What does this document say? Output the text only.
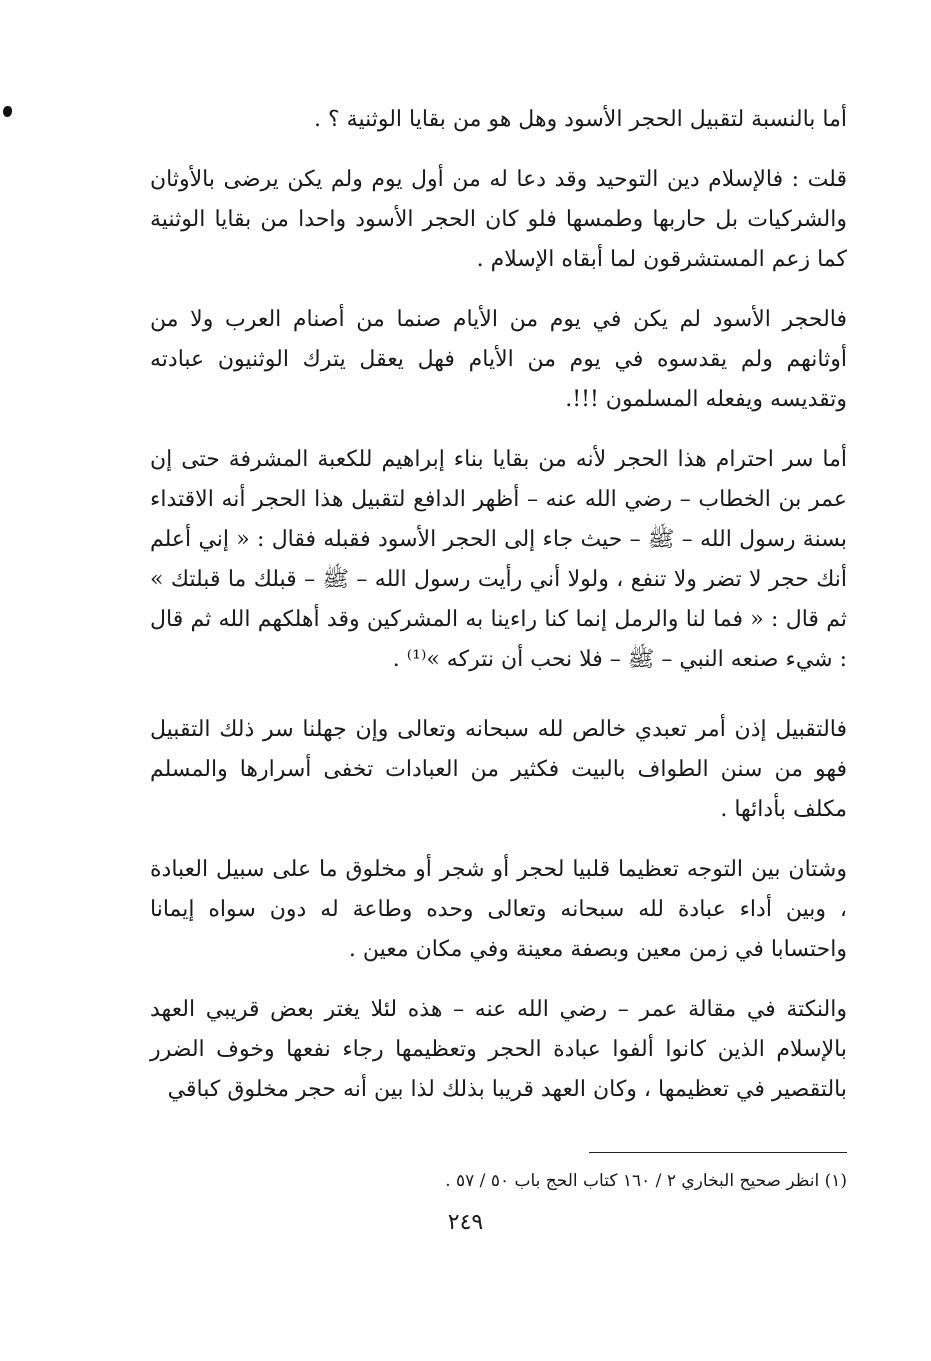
أما بالنسبة لتقبيل الحجر الأسود وهل هو من بقايا الوثنية ؟ .

قلت : فالإسلام دين التوحيد وقد دعا له من أول يوم ولم يكن يرضى بالأوثان والشركيات بل حاربها وطمسها فلو كان الحجر الأسود واحدا من بقايا الوثنية كما زعم المستشرقون لما أبقاه الإسلام .

فالحجر الأسود لم يكن في يوم من الأيام صنما من أصنام العرب ولا من أوثانهم ولم يقدسوه في يوم من الأيام فهل يعقل يترك الوثنيون عبادته وتقديسه ويفعله المسلمون !!!.

أما سر احترام هذا الحجر لأنه من بقايا بناء إبراهيم للكعبة المشرفة حتى إن عمر بن الخطاب – رضي الله عنه – أظهر الدافع لتقبيل هذا الحجر أنه الاقتداء بسنة رسول الله – ﷺ – حيث جاء إلى الحجر الأسود فقبله فقال : « إني أعلم أنك حجر لا تضر ولا تنفع ، ولولا أني رأيت رسول الله – ﷺ – قبلك ما قبلتك » ثم قال : « فما لنا والرمل إنما كنا راءينا به المشركين وقد أهلكهم الله ثم قال : شيء صنعه النبي – ﷺ – فلا نحب أن نتركه »⁽¹⁾ .

فالتقبيل إذن أمر تعبدي خالص لله سبحانه وتعالى وإن جهلنا سر ذلك التقبيل فهو من سنن الطواف بالبيت فكثير من العبادات تخفى أسرارها والمسلم مكلف بأدائها .

وشتان بين التوجه تعظيما قلبيا لحجر أو شجر أو مخلوق ما على سبيل العبادة ، وبين أداء عبادة لله سبحانه وتعالى وحده وطاعة له دون سواه إيمانا واحتسابا في زمن معين وبصفة معينة وفي مكان معين .

والنكتة في مقالة عمر – رضي الله عنه – هذه لئلا يغتر بعض قريبي العهد بالإسلام الذين كانوا ألفوا عبادة الحجر وتعظيمها رجاء نفعها وخوف الضرر بالتقصير في تعظيمها ، وكان العهد قريبا بذلك لذا بين أنه حجر مخلوق كباقي

(١) انظر صحيح البخاري ٢ / ١٦٠ كتاب الحج باب ٥٠ / ٥٧ .

٢٤٩
